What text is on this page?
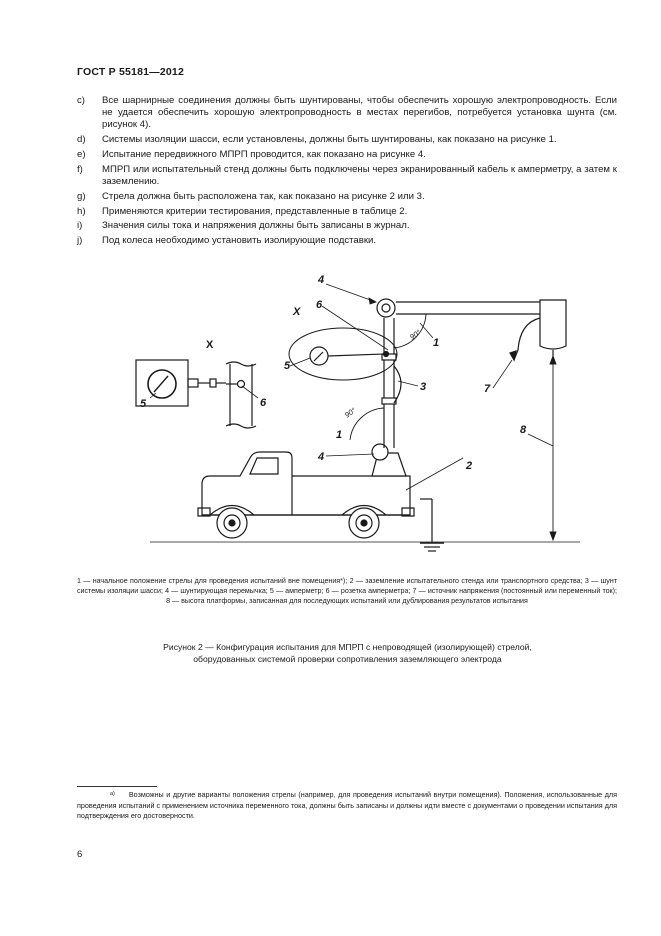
ГОСТ Р 55181—2012
c) Все шарнирные соединения должны быть шунтированы, чтобы обеспечить хорошую электропроводность. Если не удается обеспечить хорошую электропроводность в местах перегибов, потребуется установка шунта (см. рисунок 4).
d) Системы изоляции шасси, если установлены, должны быть шунтированы, как показано на рисунке 1.
e) Испытание передвижного МПРП проводится, как показано на рисунке 4.
f) МПРП или испытательный стенд должны быть подключены через экранированный кабель к амперметру, а затем к заземлению.
g) Стрела должна быть расположена так, как показано на рисунке 2 или 3.
h) Применяются критерии тестирования, представленные в таблице 2.
i) Значения силы тока и напряжения должны быть записаны в журнал.
j) Под колеса необходимо установить изолирующие подставки.
X
X
4
6
5
1
3
1
4
2
7
8
5	6
90°
90°
1 — начальное положение стрелы для проведения испытаний вне помещения*); 2 — заземление испытательного стенда или транспортного средства; 3 — шунт системы изоляции шасси; 4 — шунтирующая перемычка; 5 — амперметр; 6 — розетка амперметра; 7 — источник напряжения (постоянный или переменный ток); 8 — высота платформы, записанная для последующих испытаний или дублирования результатов испытания
Рисунок 2 — Конфигурация испытания для МПРП с непроводящей (изолирующей) стрелой,
оборудованных системой проверки сопротивления заземляющего электрода
$^{а)}$ Возможны и другие варианты положения стрелы (например, для проведения испытаний внутри помещения). Положения, использованные для проведения испытаний с применением источника переменного тока, должны быть записаны и должны идти вместе с документами о проведении испытания для подтверждения его достоверности.
6
